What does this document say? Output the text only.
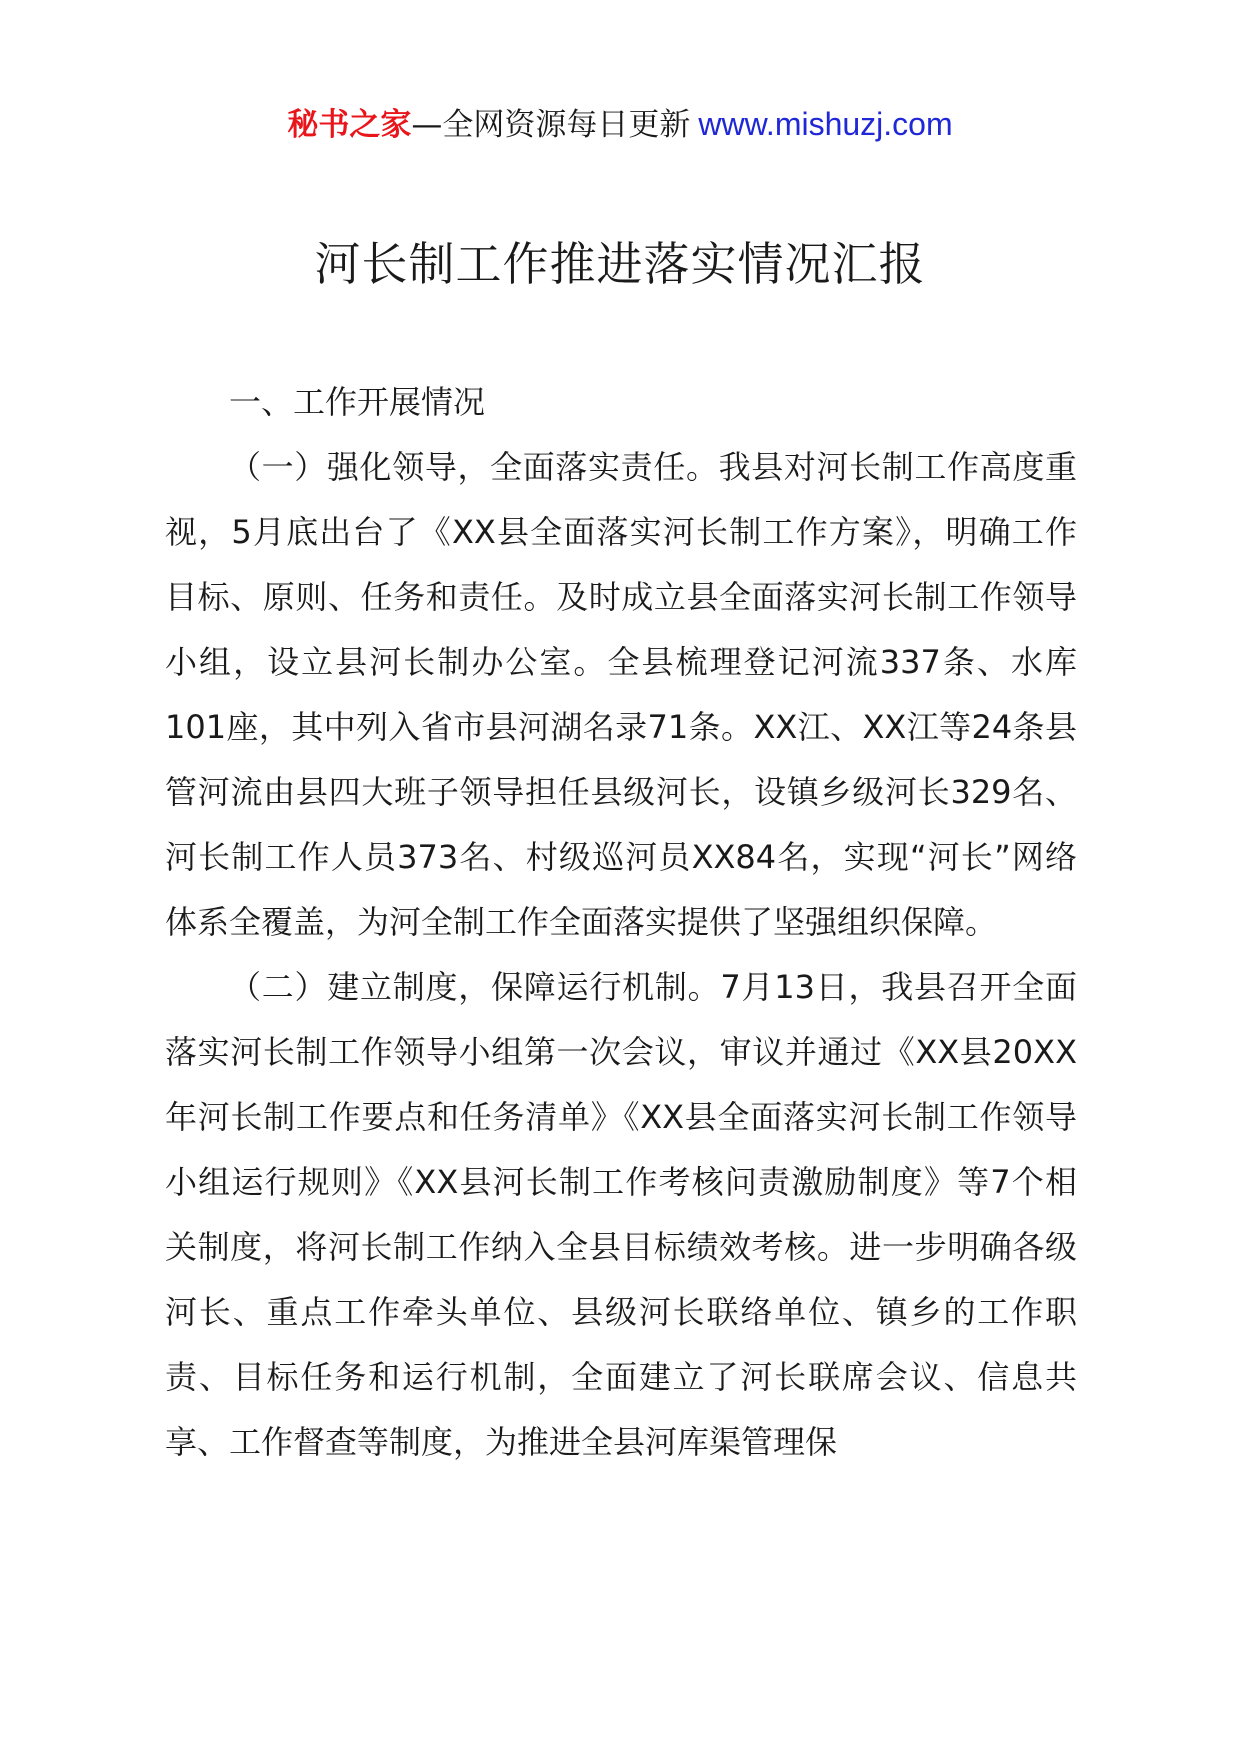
秘书之家—全网资源每日更新 www.mishuzj.com
河长制工作推进落实情况汇报

一、工作开展情况

（一）强化领导，全面落实责任。我县对河长制工作高度重视，5月底出台了《XX县全面落实河长制工作方案》，明确工作目标、原则、任务和责任。及时成立县全面落实河长制工作领导小组，设立县河长制办公室。全县梳理登记河流337条、水库101座，其中列入省市县河湖名录71条。XX江、XX江等24条县管河流由县四大班子领导担任县级河长，设镇乡级河长329名、河长制工作人员373名、村级巡河员XX84名，实现“河长”网络体系全覆盖，为河全制工作全面落实提供了坚强组织保障。

（二）建立制度，保障运行机制。7月13日，我县召开全面落实河长制工作领导小组第一次会议，审议并通过《XX县20XX年河长制工作要点和任务清单》《XX县全面落实河长制工作领导小组运行规则》《XX县河长制工作考核问责激励制度》等7个相关制度，将河长制工作纳入全县目标绩效考核。进一步明确各级河长、重点工作牵头单位、县级河长联络单位、镇乡的工作职责、目标任务和运行机制，全面建立了河长联席会议、信息共享、工作督查等制度，为推进全县河库渠管理保
